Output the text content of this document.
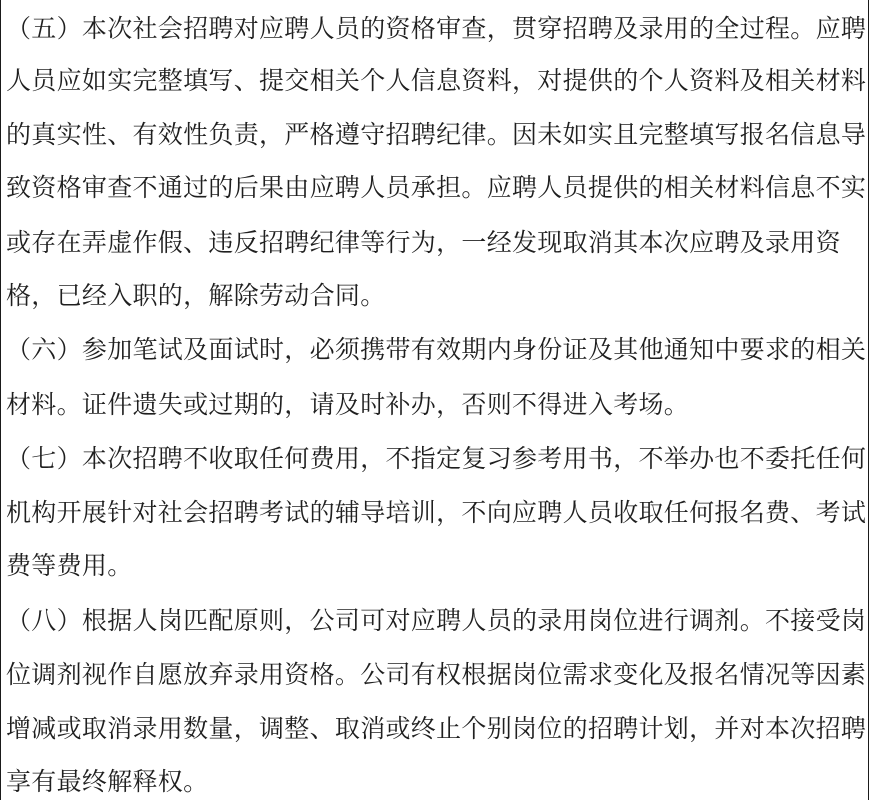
（五）本次社会招聘对应聘人员的资格审查，贯穿招聘及录用的全过程。应聘
人员应如实完整填写、提交相关个人信息资料，对提供的个人资料及相关材料
的真实性、有效性负责，严格遵守招聘纪律。因未如实且完整填写报名信息导
致资格审查不通过的后果由应聘人员承担。应聘人员提供的相关材料信息不实
或存在弄虚作假、违反招聘纪律等行为，一经发现取消其本次应聘及录用资
格，已经入职的，解除劳动合同。
（六）参加笔试及面试时，必须携带有效期内身份证及其他通知中要求的相关
材料。证件遗失或过期的，请及时补办，否则不得进入考场。
（七）本次招聘不收取任何费用，不指定复习参考用书，不举办也不委托任何
机构开展针对社会招聘考试的辅导培训，不向应聘人员收取任何报名费、考试
费等费用。
（八）根据人岗匹配原则，公司可对应聘人员的录用岗位进行调剂。不接受岗
位调剂视作自愿放弃录用资格。公司有权根据岗位需求变化及报名情况等因素
增减或取消录用数量，调整、取消或终止个别岗位的招聘计划，并对本次招聘
享有最终解释权。
